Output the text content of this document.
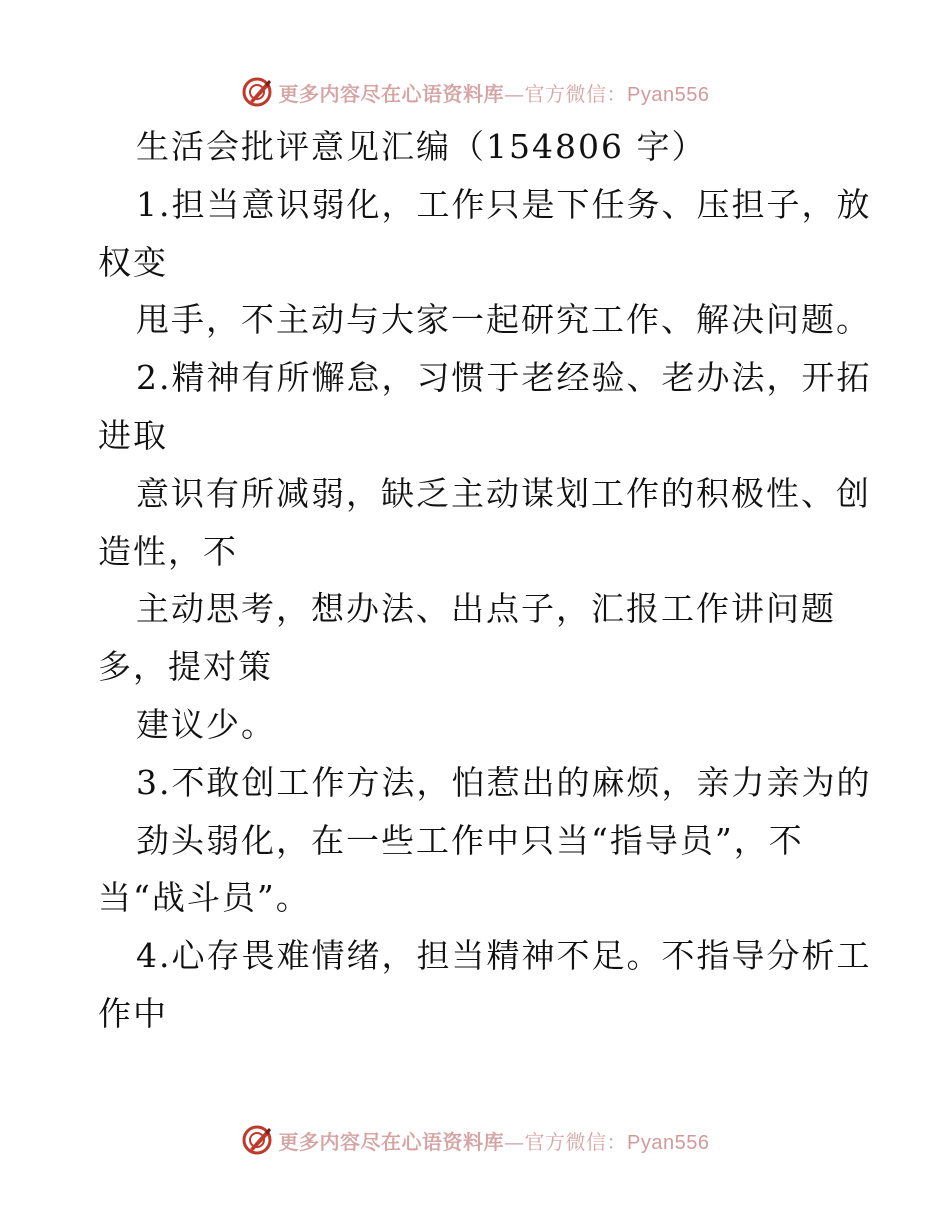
更多内容尽在心语资料库—官方微信：Pyan556
生活会批评意见汇编（154806 字）
1.担当意识弱化，工作只是下任务、压担子，放
权变
甩手，不主动与大家一起研究工作、解决问题。
2.精神有所懈怠，习惯于老经验、老办法，开拓
进取
意识有所减弱，缺乏主动谋划工作的积极性、创
造性，不
主动思考，想办法、出点子，汇报工作讲问题
多，提对策
建议少。
3.不敢创工作方法，怕惹出的麻烦，亲力亲为的
劲头弱化，在一些工作中只当“指导员”，不
当“战斗员”。
4.心存畏难情绪，担当精神不足。不指导分析工
作中
更多内容尽在心语资料库—官方微信：Pyan556
